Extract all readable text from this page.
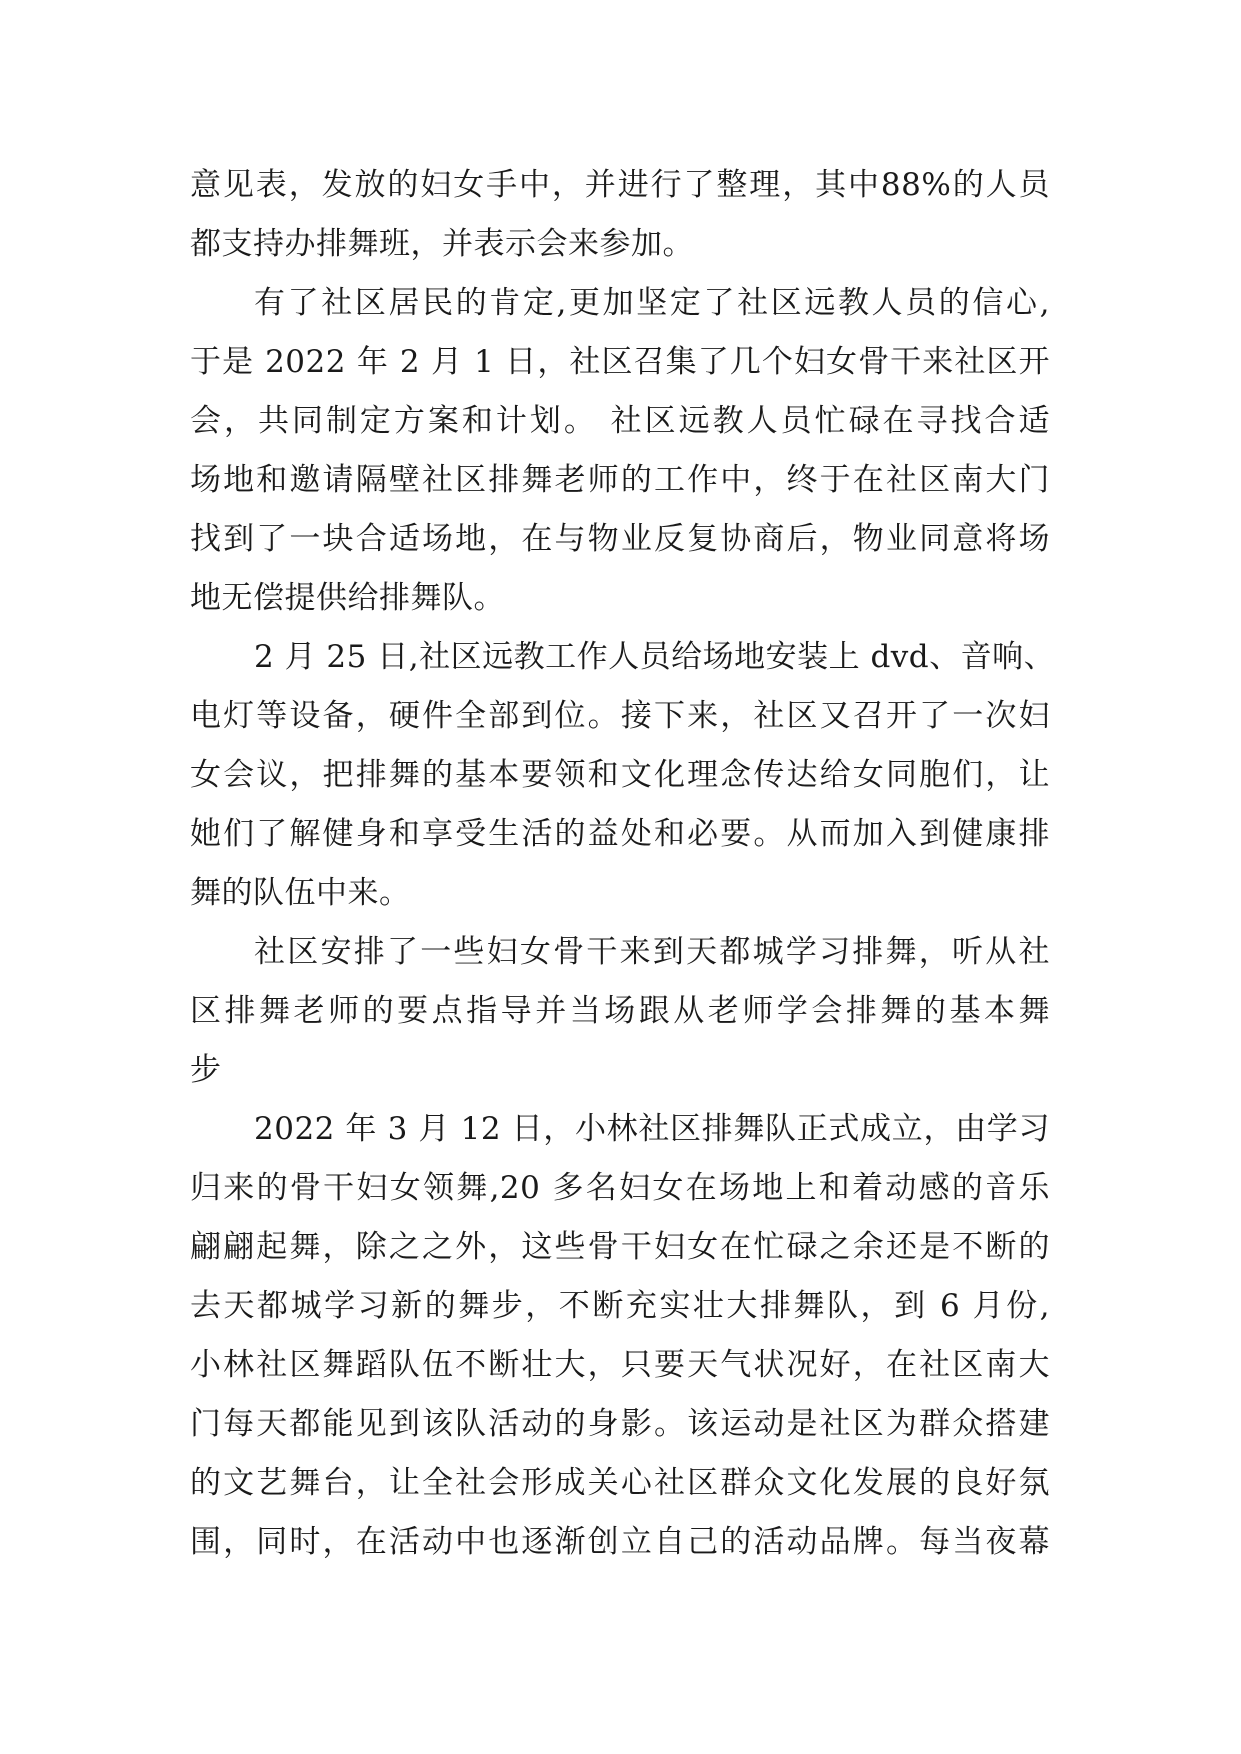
意见表，发放的妇女手中，并进行了整理，其中88%的人员
都支持办排舞班，并表示会来参加。
有了社区居民的肯定,更加坚定了社区远教人员的信心,
于是 2022 年 2 月 1 日，社区召集了几个妇女骨干来社区开
会，共同制定方案和计划。 社区远教人员忙碌在寻找合适
场地和邀请隔壁社区排舞老师的工作中，终于在社区南大门
找到了一块合适场地，在与物业反复协商后，物业同意将场
地无偿提供给排舞队。
2 月 25 日,社区远教工作人员给场地安装上 dvd、音响、
电灯等设备，硬件全部到位。接下来，社区又召开了一次妇
女会议，把排舞的基本要领和文化理念传达给女同胞们，让
她们了解健身和享受生活的益处和必要。从而加入到健康排
舞的队伍中来。
社区安排了一些妇女骨干来到天都城学习排舞，听从社
区排舞老师的要点指导并当场跟从老师学会排舞的基本舞
步
2022 年 3 月 12 日，小林社区排舞队正式成立，由学习
归来的骨干妇女领舞,20 多名妇女在场地上和着动感的音乐
翩翩起舞，除之之外，这些骨干妇女在忙碌之余还是不断的
去天都城学习新的舞步，不断充实壮大排舞队，到 6 月份,
小林社区舞蹈队伍不断壮大，只要天气状况好，在社区南大
门每天都能见到该队活动的身影。该运动是社区为群众搭建
的文艺舞台，让全社会形成关心社区群众文化发展的良好氛
围，同时，在活动中也逐渐创立自己的活动品牌。每当夜幕
